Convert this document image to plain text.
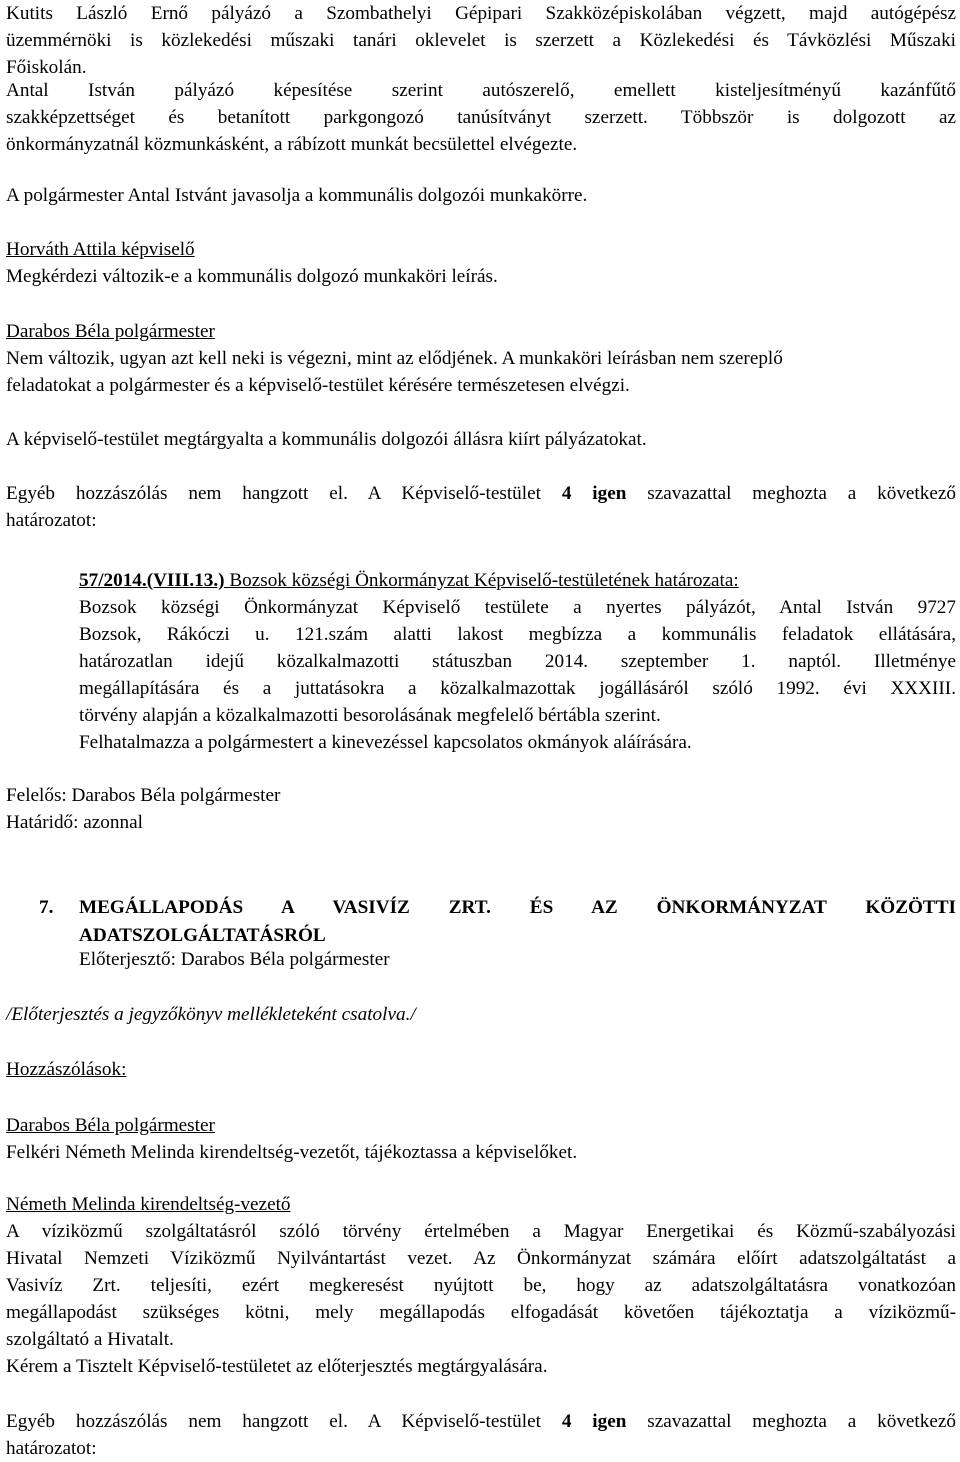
Kutits László Ernő pályázó a Szombathelyi Gépipari Szakközépiskolában végzett, majd autógépész
üzemmérnöki is közlekedési műszaki tanári oklevelet is szerzett a Közlekedési és Távközlési Műszaki
Főiskolán.
Antal István pályázó képesítése szerint autószerelő, emellett kisteljesítményű kazánfűtő
szakképzettséget és betanított parkgongozó tanúsítványt szerzett. Többször is dolgozott az
önkormányzatnál közmunkásként, a rábízott munkát becsülettel elvégezte.
A polgármester Antal Istvánt javasolja a kommunális dolgozói munkakörre.
Horváth Attila képviselő
Megkérdezi változik-e a kommunális dolgozó munkaköri leírás.
Darabos Béla polgármester
Nem változik, ugyan azt kell neki is végezni, mint az elődjének. A munkaköri leírásban nem szereplő
feladatokat a polgármester és a képviselő-testület kérésére természetesen elvégzi.
A képviselő-testület megtárgyalta a kommunális dolgozói állásra kiírt pályázatokat.
Egyéb hozzászólás nem hangzott el. A Képviselő-testület 4 igen szavazattal meghozta a következő
határozatot:
57/2014.(VIII.13.) Bozsok községi Önkormányzat Képviselő-testületének határozata:
Bozsok községi Önkormányzat Képviselő testülete a nyertes pályázót, Antal István 9727
Bozsok, Rákóczi u. 121.szám alatti lakost megbízza a kommunális feladatok ellátására,
határozatlan idejű közalkalmazotti státuszban 2014. szeptember 1. naptól. Illetménye
megállapítására és a juttatásokra a közalkalmazottak jogállásáról szóló 1992. évi XXXIII.
törvény alapján a közalkalmazotti besorolásának megfelelő bértábla szerint.
Felhatalmazza a polgármestert a kinevezéssel kapcsolatos okmányok aláírására.
Felelős: Darabos Béla polgármester
Határidő: azonnal
7. MEGÁLLAPODÁS A VASIVÍZ ZRT. ÉS AZ ÖNKORMÁNYZAT KÖZÖTTI
ADATSZOLGÁLTATÁSRÓL
Előterjesztő: Darabos Béla polgármester
/Előterjesztés a jegyzőkönyv mellékleteként csatolva./
Hozzászólások:
Darabos Béla polgármester
Felkéri Németh Melinda kirendeltség-vezetőt, tájékoztassa a képviselőket.
Németh Melinda kirendeltség-vezető
A víziközmű szolgáltatásról szóló törvény értelmében a Magyar Energetikai és Közmű-szabályozási
Hivatal Nemzeti Víziközmű Nyilvántartást vezet. Az Önkormányzat számára előírt adatszolgáltatást a
Vasivíz Zrt. teljesíti, ezért megkeresést nyújtott be, hogy az adatszolgáltatásra vonatkozóan
megállapodást szükséges kötni, mely megállapodás elfogadását követően tájékoztatja a víziközmű-
szolgáltató a Hivatalt.
Kérem a Tisztelt Képviselő-testületet az előterjesztés megtárgyalására.
Egyéb hozzászólás nem hangzott el. A Képviselő-testület 4 igen szavazattal meghozta a következő
határozatot:
